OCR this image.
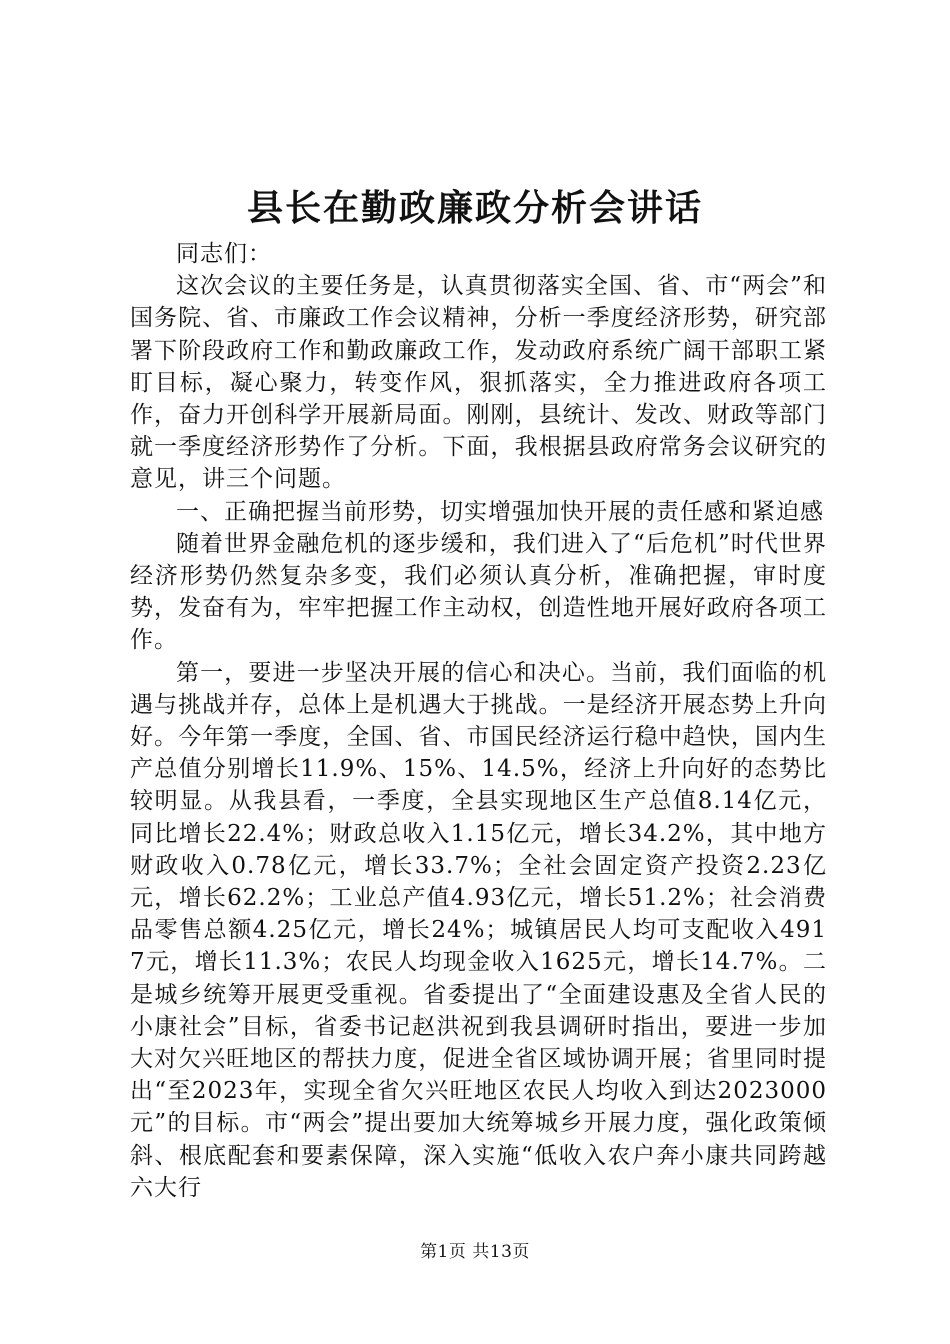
县长在勤政廉政分析会讲话

同志们：

这次会议的主要任务是，认真贯彻落实全国、省、市“两会”和国务院、省、市廉政工作会议精神，分析一季度经济形势，研究部署下阶段政府工作和勤政廉政工作，发动政府系统广阔干部职工紧盯目标，凝心聚力，转变作风，狠抓落实，全力推进政府各项工作，奋力开创科学开展新局面。刚刚，县统计、发改、财政等部门就一季度经济形势作了分析。下面，我根据县政府常务会议研究的意见，讲三个问题。

一、正确把握当前形势，切实增强加快开展的责任感和紧迫感

随着世界金融危机的逐步缓和，我们进入了“后危机”时代世界经济形势仍然复杂多变，我们必须认真分析，准确把握，审时度势，发奋有为，牢牢把握工作主动权，创造性地开展好政府各项工作。

第一，要进一步坚决开展的信心和决心。当前，我们面临的机遇与挑战并存，总体上是机遇大于挑战。一是经济开展态势上升向好。今年第一季度，全国、省、市国民经济运行稳中趋快，国内生产总值分别增长11.9%、15%、14.5%，经济上升向好的态势比较明显。从我县看，一季度，全县实现地区生产总值8.14亿元，同比增长22.4%；财政总收入1.15亿元，增长34.2%，其中地方财政收入0.78亿元，增长33.7%；全社会固定资产投资2.23亿元，增长62.2%；工业总产值4.93亿元，增长51.2%；社会消费品零售总额4.25亿元，增长24%；城镇居民人均可支配收入4917元，增长11.3%；农民人均现金收入1625元，增长14.7%。二是城乡统筹开展更受重视。省委提出了“全面建设惠及全省人民的小康社会”目标，省委书记赵洪祝到我县调研时指出，要进一步加大对欠兴旺地区的帮扶力度，促进全省区域协调开展；省里同时提出“至2023年，实现全省欠兴旺地区农民人均收入到达2023000元”的目标。市“两会”提出要加大统筹城乡开展力度，强化政策倾斜、根底配套和要素保障，深入实施“低收入农户奔小康共同跨越六大行

第1页 共13页
